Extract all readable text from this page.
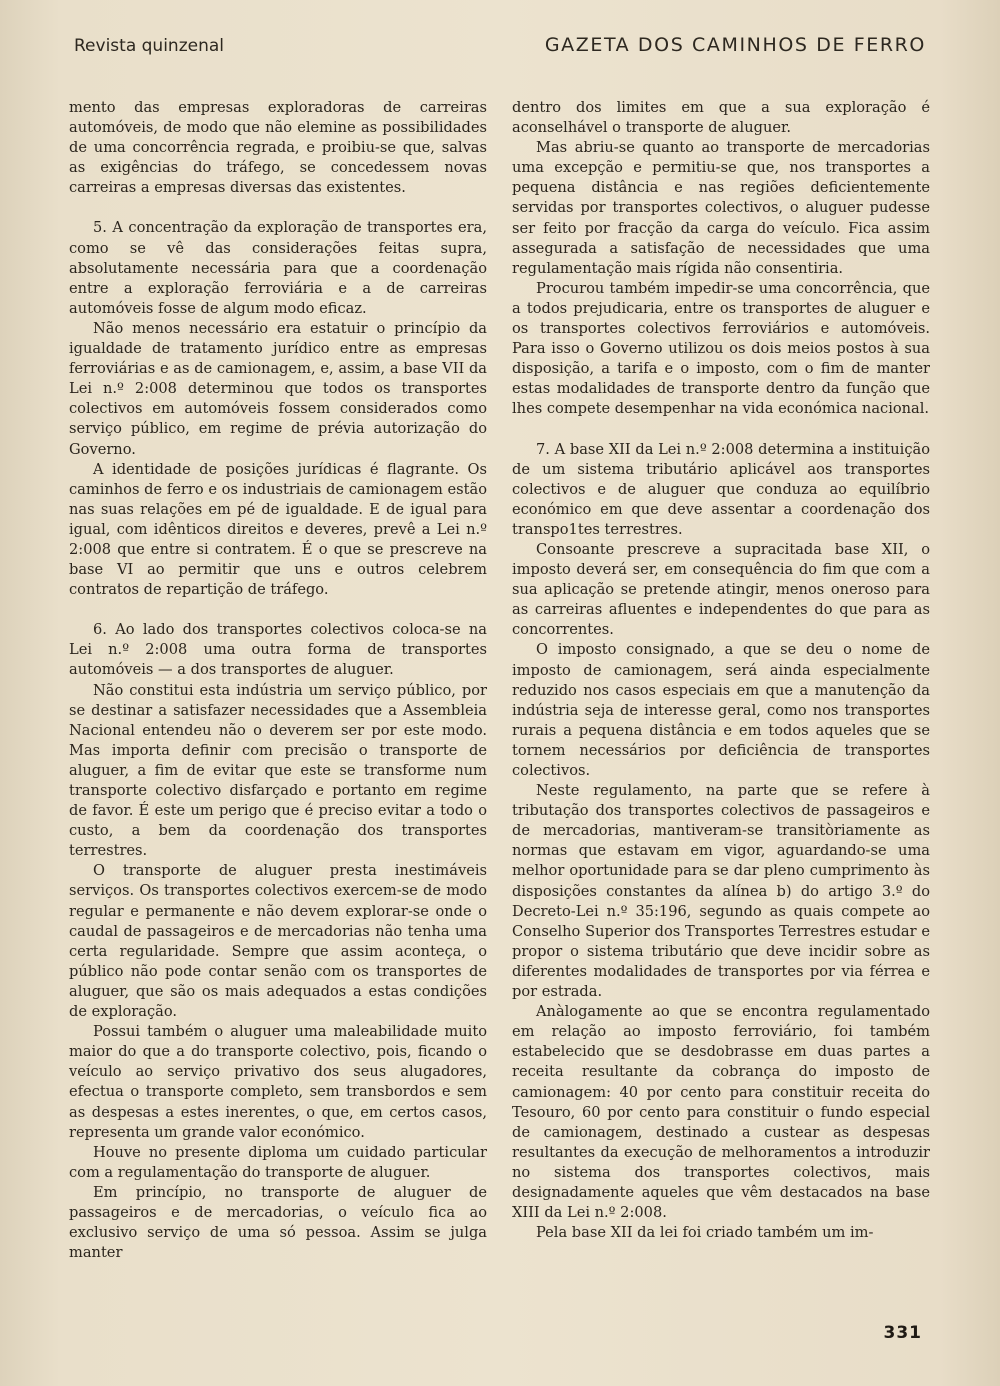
Revista quinzenal	GAZETA DOS CAMINHOS DE FERRO

mento das empresas exploradoras de carreiras automóveis, de modo que não elemine as possibilidades de uma concorrência regrada, e proibiu-se que, salvas as exigências do tráfego, se concedessem novas carreiras a empresas diversas das existentes.

5. A concentração da exploração de transportes era, como se vê das considerações feitas supra, absolutamente necessária para que a coordenação entre a exploração ferroviária e a de carreiras automóveis fosse de algum modo eficaz.

Não menos necessário era estatuir o princípio da igualdade de tratamento jurídico entre as empresas ferroviárias e as de camionagem, e, assim, a base VII da Lei n.º 2:008 determinou que todos os transportes colectivos em automóveis fossem considerados como serviço público, em regime de prévia autorização do Governo.

A identidade de posições jurídicas é flagrante. Os caminhos de ferro e os industriais de camionagem estão nas suas relações em pé de igualdade. E de igual para igual, com idênticos direitos e deveres, prevê a Lei n.º 2:008 que entre si contratem. É o que se prescreve na base VI ao permitir que uns e outros celebrem contratos de repartição de tráfego.

6. Ao lado dos transportes colectivos coloca-se na Lei n.º 2:008 uma outra forma de transportes automóveis — a dos transportes de aluguer.

Não constitui esta indústria um serviço público, por se destinar a satisfazer necessidades que a Assembleia Nacional entendeu não o deverem ser por este modo. Mas importa definir com precisão o transporte de aluguer, a fim de evitar que este se transforme num transporte colectivo disfarçado e portanto em regime de favor. É este um perigo que é preciso evitar a todo o custo, a bem da coordenação dos transportes terrestres.

O transporte de aluguer presta inestimáveis serviços. Os transportes colectivos exercem-se de modo regular e permanente e não devem explorar-se onde o caudal de passageiros e de mercadorias não tenha uma certa regularidade. Sempre que assim aconteça, o público não pode contar senão com os transportes de aluguer, que são os mais adequados a estas condições de exploração.

Possui também o aluguer uma maleabilidade muito maior do que a do transporte colectivo, pois, ficando o veículo ao serviço privativo dos seus alugadores, efectua o transporte completo, sem transbordos e sem as despesas a estes inerentes, o que, em certos casos, representa um grande valor económico.

Houve no presente diploma um cuidado particular com a regulamentação do transporte de aluguer.

Em princípio, no transporte de aluguer de passageiros e de mercadorias, o veículo fica ao exclusivo serviço de uma só pessoa. Assim se julga manter

dentro dos limites em que a sua exploração é aconselhável o transporte de aluguer.

Mas abriu-se quanto ao transporte de mercadorias uma excepção e permitiu-se que, nos transportes a pequena distância e nas regiões deficientemente servidas por transportes colectivos, o aluguer pudesse ser feito por fracção da carga do veículo. Fica assim assegurada a satisfação de necessidades que uma regulamentação mais rígida não consentiria.

Procurou também impedir-se uma concorrência, que a todos prejudicaria, entre os transportes de aluguer e os transportes colectivos ferroviários e automóveis. Para isso o Governo utilizou os dois meios postos à sua disposição, a tarifa e o imposto, com o fim de manter estas modalidades de transporte dentro da função que lhes compete desempenhar na vida económica nacional.

7. A base XII da Lei n.º 2:008 determina a instituição de um sistema tributário aplicável aos transportes colectivos e de aluguer que conduza ao equilíbrio económico em que deve assentar a coordenação dos transpo1tes terrestres.

Consoante prescreve a supracitada base XII, o imposto deverá ser, em consequência do fim que com a sua aplicação se pretende atingir, menos oneroso para as carreiras afluentes e independentes do que para as concorrentes.

O imposto consignado, a que se deu o nome de imposto de camionagem, será ainda especialmente reduzido nos casos especiais em que a manutenção da indústria seja de interesse geral, como nos transportes rurais a pequena distância e em todos aqueles que se tornem necessários por deficiência de transportes colectivos.

Neste regulamento, na parte que se refere à tributação dos transportes colectivos de passageiros e de mercadorias, mantiveram-se transitòriamente as normas que estavam em vigor, aguardando-se uma melhor oportunidade para se dar pleno cumprimento às disposições constantes da alínea b) do artigo 3.º do Decreto-Lei n.º 35:196, segundo as quais compete ao Conselho Superior dos Transportes Terrestres estudar e propor o sistema tributário que deve incidir sobre as diferentes modalidades de transportes por via férrea e por estrada.

Anàlogamente ao que se encontra regulamentado em relação ao imposto ferroviário, foi também estabelecido que se desdobrasse em duas partes a receita resultante da cobrança do imposto de camionagem: 40 por cento para constituir receita do Tesouro, 60 por cento para constituir o fundo especial de camionagem, destinado a custear as despesas resultantes da execução de melhoramentos a introduzir no sistema dos transportes colectivos, mais designadamente aqueles que vêm destacados na base XIII da Lei n.º 2:008.

Pela base XII da lei foi criado também um im-

331
